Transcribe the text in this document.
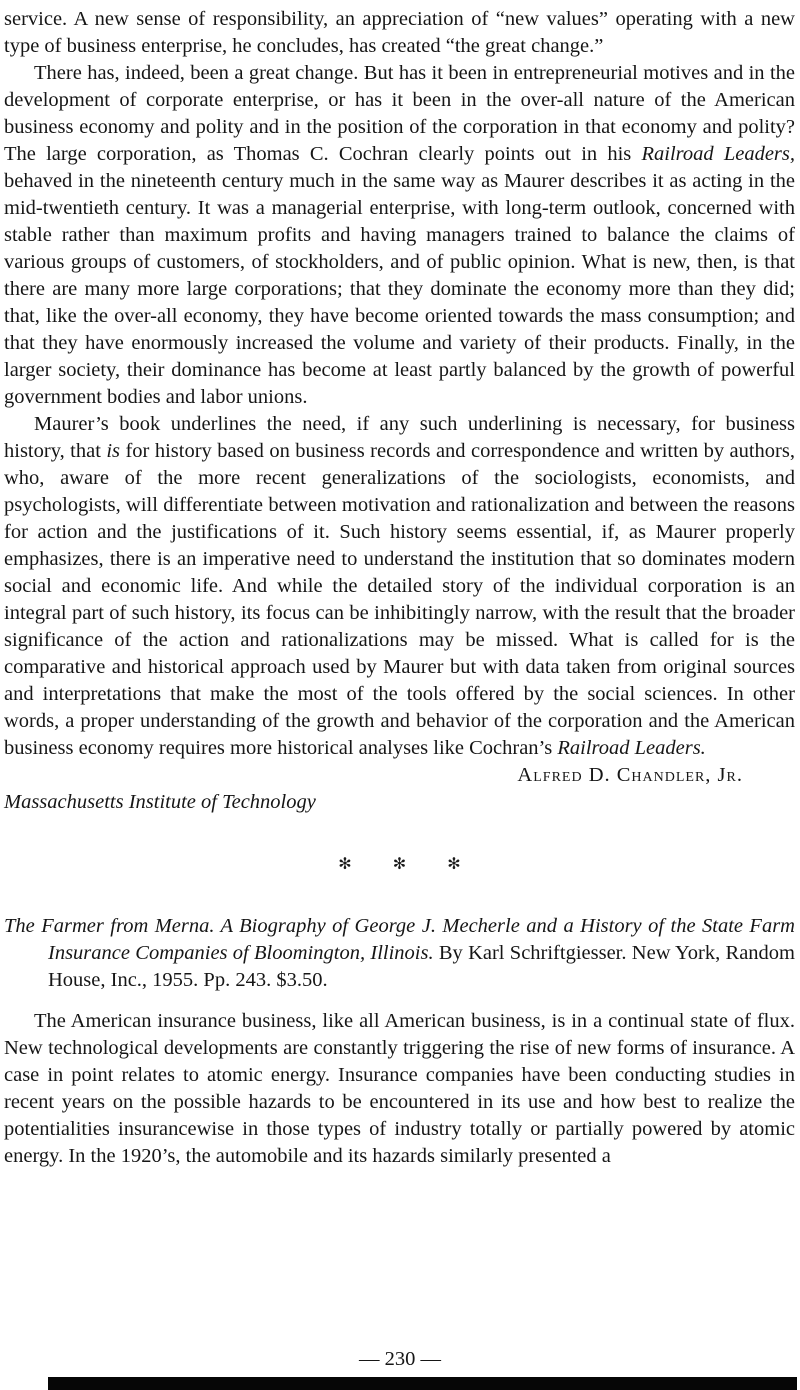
service. A new sense of responsibility, an appreciation of “new values” operating with a new type of business enterprise, he concludes, has created “the great change.”

There has, indeed, been a great change. But has it been in entrepreneurial motives and in the development of corporate enterprise, or has it been in the over-all nature of the American business economy and polity and in the position of the corporation in that economy and polity? The large corporation, as Thomas C. Cochran clearly points out in his Railroad Leaders, behaved in the nineteenth century much in the same way as Maurer describes it as acting in the mid-twentieth century. It was a managerial enterprise, with long-term outlook, concerned with stable rather than maximum profits and having managers trained to balance the claims of various groups of customers, of stockholders, and of public opinion. What is new, then, is that there are many more large corporations; that they dominate the economy more than they did; that, like the over-all economy, they have become oriented towards the mass consumption; and that they have enormously increased the volume and variety of their products. Finally, in the larger society, their dominance has become at least partly balanced by the growth of powerful government bodies and labor unions.

Maurer’s book underlines the need, if any such underlining is necessary, for business history, that is for history based on business records and correspondence and written by authors, who, aware of the more recent generalizations of the sociologists, economists, and psychologists, will differentiate between motivation and rationalization and between the reasons for action and the justifications of it. Such history seems essential, if, as Maurer properly emphasizes, there is an imperative need to understand the institution that so dominates modern social and economic life. And while the detailed story of the individual corporation is an integral part of such history, its focus can be inhibitingly narrow, with the result that the broader significance of the action and rationalizations may be missed. What is called for is the comparative and historical approach used by Maurer but with data taken from original sources and interpretations that make the most of the tools offered by the social sciences. In other words, a proper understanding of the growth and behavior of the corporation and the American business economy requires more historical analyses like Cochran’s Railroad Leaders.

Alfred D. Chandler, Jr.

Massachusetts Institute of Technology

✻ ✻ ✻

The Farmer from Merna. A Biography of George J. Mecherle and a History of the State Farm Insurance Companies of Bloomington, Illinois. By Karl Schriftgiesser. New York, Random House, Inc., 1955. Pp. 243. $3.50.

The American insurance business, like all American business, is in a continual state of flux. New technological developments are constantly triggering the rise of new forms of insurance. A case in point relates to atomic energy. Insurance companies have been conducting studies in recent years on the possible hazards to be encountered in its use and how best to realize the potentialities insurancewise in those types of industry totally or partially powered by atomic energy. In the 1920’s, the automobile and its hazards similarly presented a

— 230 —
